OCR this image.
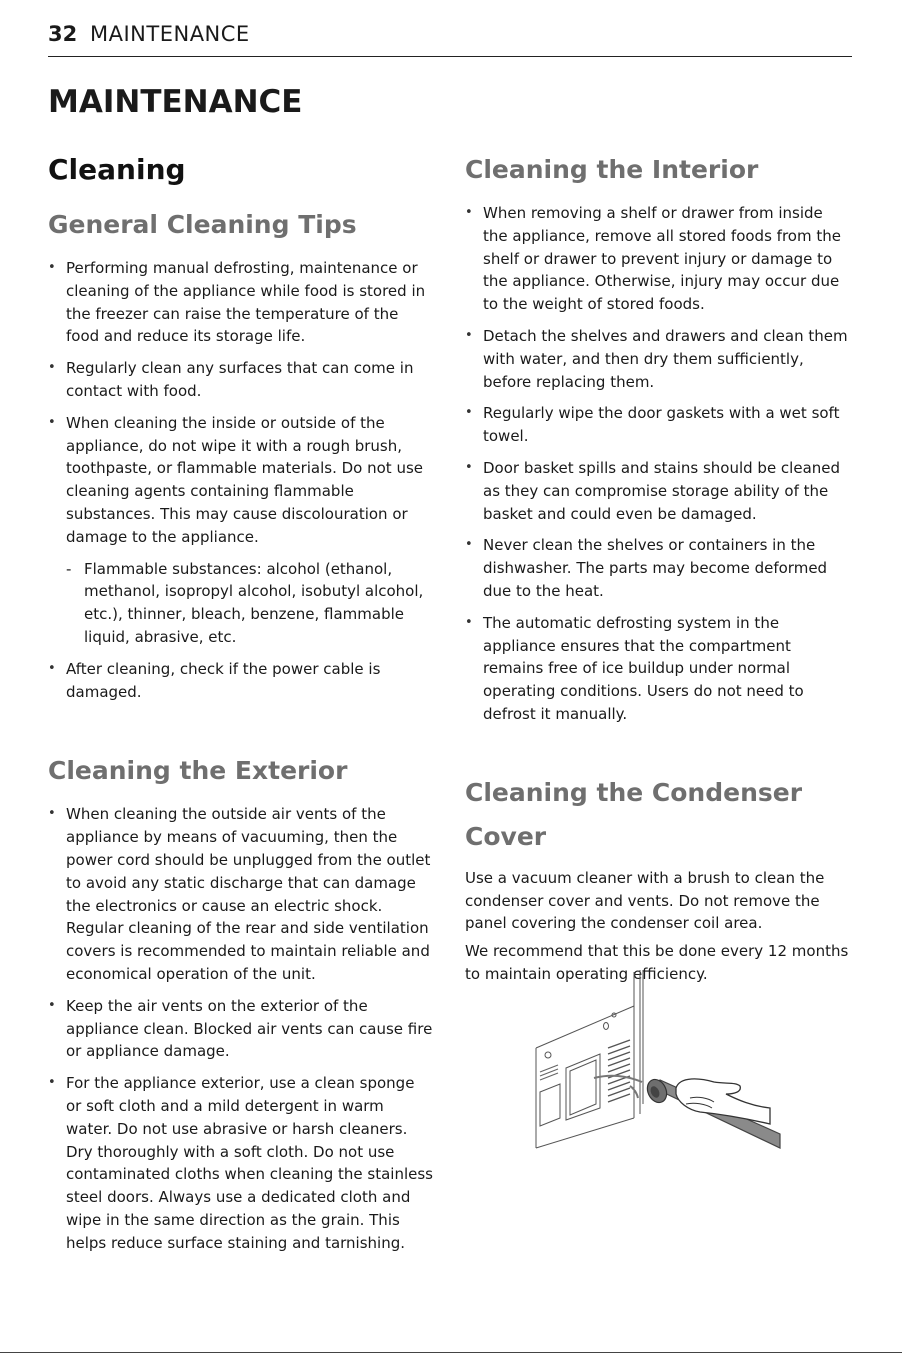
32 MAINTENANCE
MAINTENANCE
Cleaning
General Cleaning Tips
• Performing manual defrosting, maintenance or cleaning of the appliance while food is stored in the freezer can raise the temperature of the food and reduce its storage life.
• Regularly clean any surfaces that can come in contact with food.
• When cleaning the inside or outside of the appliance, do not wipe it with a rough brush, toothpaste, or flammable materials. Do not use cleaning agents containing flammable substances. This may cause discolouration or damage to the appliance.
- Flammable substances: alcohol (ethanol, methanol, isopropyl alcohol, isobutyl alcohol, etc.), thinner, bleach, benzene, flammable liquid, abrasive, etc.
• After cleaning, check if the power cable is damaged.
Cleaning the Exterior
• When cleaning the outside air vents of the appliance by means of vacuuming, then the power cord should be unplugged from the outlet to avoid any static discharge that can damage the electronics or cause an electric shock. Regular cleaning of the rear and side ventilation covers is recommended to maintain reliable and economical operation of the unit.
• Keep the air vents on the exterior of the appliance clean. Blocked air vents can cause fire or appliance damage.
• For the appliance exterior, use a clean sponge or soft cloth and a mild detergent in warm water. Do not use abrasive or harsh cleaners. Dry thoroughly with a soft cloth. Do not use contaminated cloths when cleaning the stainless steel doors. Always use a dedicated cloth and wipe in the same direction as the grain. This helps reduce surface staining and tarnishing.
Cleaning the Interior
• When removing a shelf or drawer from inside the appliance, remove all stored foods from the shelf or drawer to prevent injury or damage to the appliance. Otherwise, injury may occur due to the weight of stored foods.
• Detach the shelves and drawers and clean them with water, and then dry them sufficiently, before replacing them.
• Regularly wipe the door gaskets with a wet soft towel.
• Door basket spills and stains should be cleaned as they can compromise storage ability of the basket and could even be damaged.
• Never clean the shelves or containers in the dishwasher. The parts may become deformed due to the heat.
• The automatic defrosting system in the appliance ensures that the compartment remains free of ice buildup under normal operating conditions. Users do not need to defrost it manually.
Cleaning the Condenser Cover

Use a vacuum cleaner with a brush to clean the condenser cover and vents. Do not remove the panel covering the condenser coil area.

We recommend that this be done every 12 months to maintain operating efficiency.
